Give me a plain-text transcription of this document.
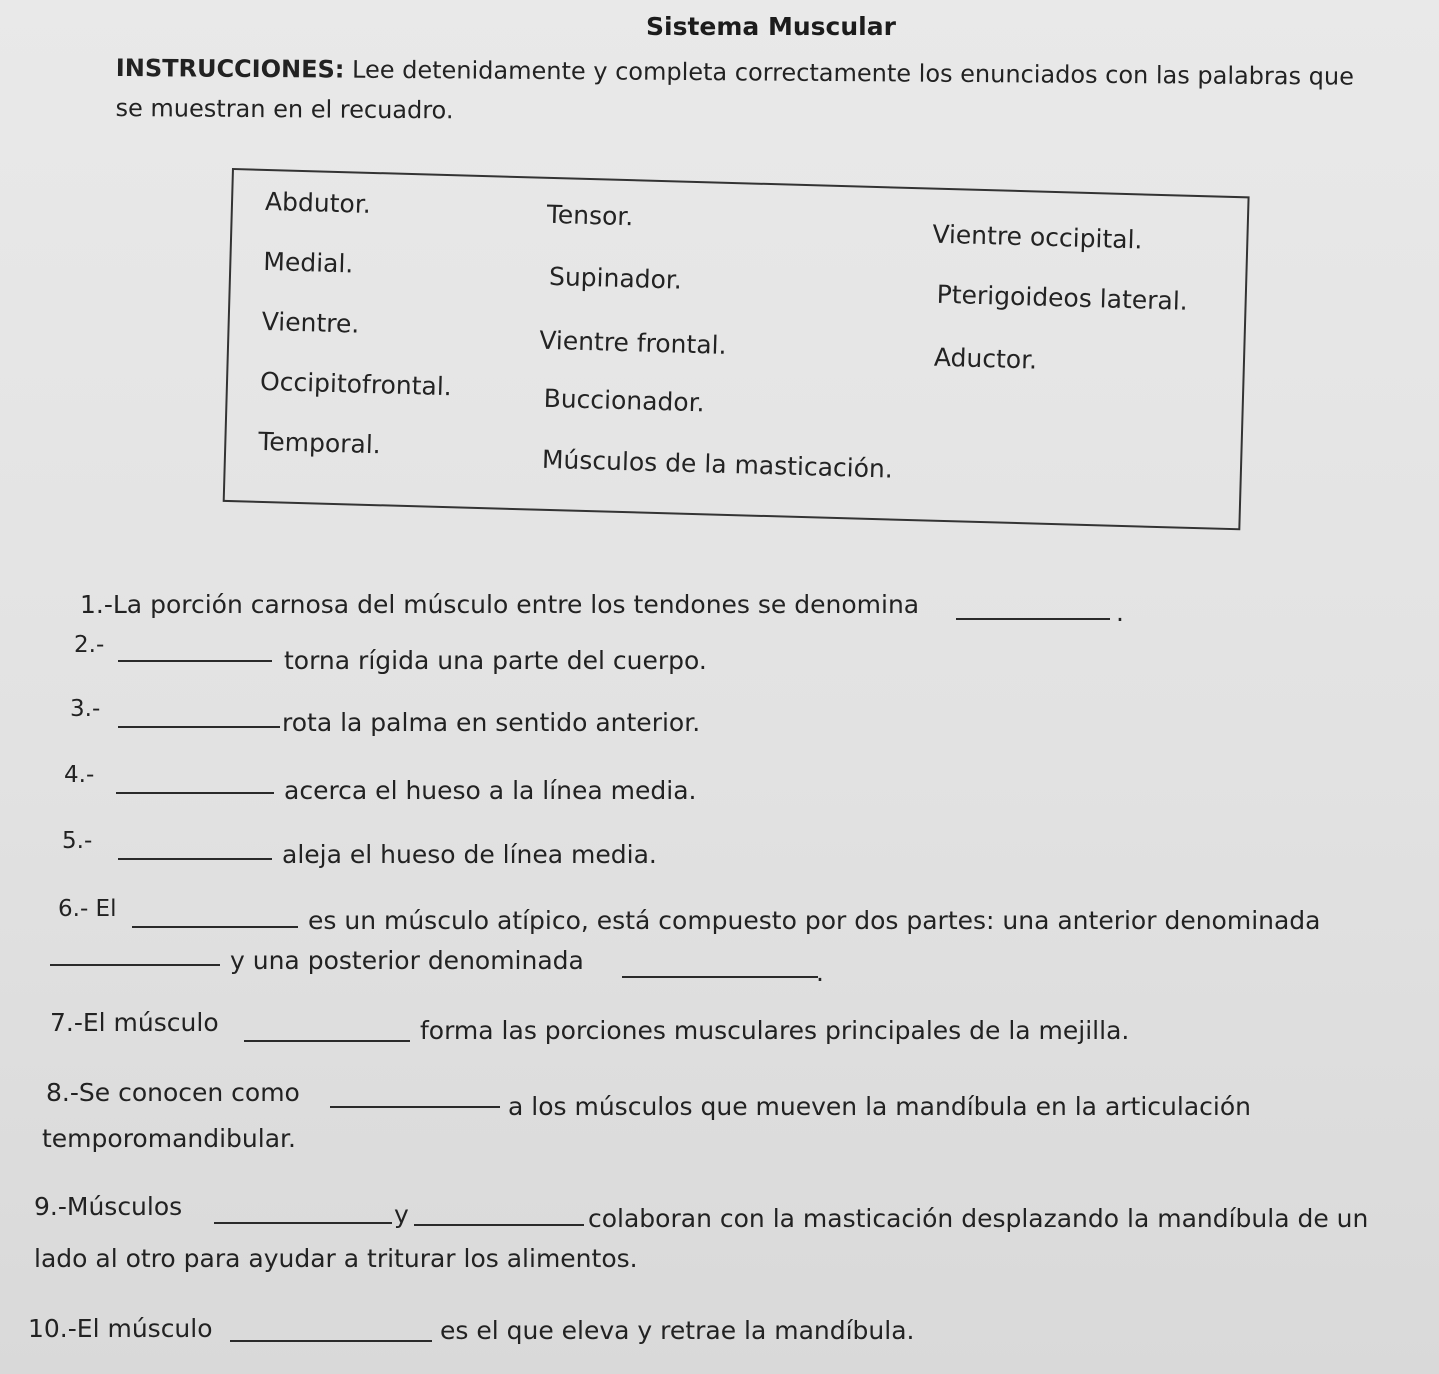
Sistema Muscular
INSTRUCCIONES: Lee detenidamente y completa correctamente los enunciados con las palabras que
se muestran en el recuadro.
Abdutor.	Tensor.
Vientre occipital.
Medial.	Supinador.
Pterigoideos lateral.
Vientre.
Vientre frontal.	Aductor.
Occipitofrontal.	Buccionador.
Temporal.
Músculos de la masticación.
1.-La porción carnosa del músculo entre los tendones se denomina	.
2.-
torna rígida una parte del cuerpo.
3.-	rota la palma en sentido anterior.
4.-
acerca el hueso a la línea media.
5.-	aleja el hueso de línea media.
6.- El	es un músculo atípico, está compuesto por dos partes: una anterior denominada
y una posterior denominada	.
7.-El músculo	forma las porciones musculares principales de la mejilla.
8.-Se conocen como	a los músculos que mueven la mandíbula en la articulación
temporomandibular.
9.-Músculos	y	colaboran con la masticación desplazando la mandíbula de un
lado al otro para ayudar a triturar los alimentos.
10.-El músculo	es el que eleva y retrae la mandíbula.
